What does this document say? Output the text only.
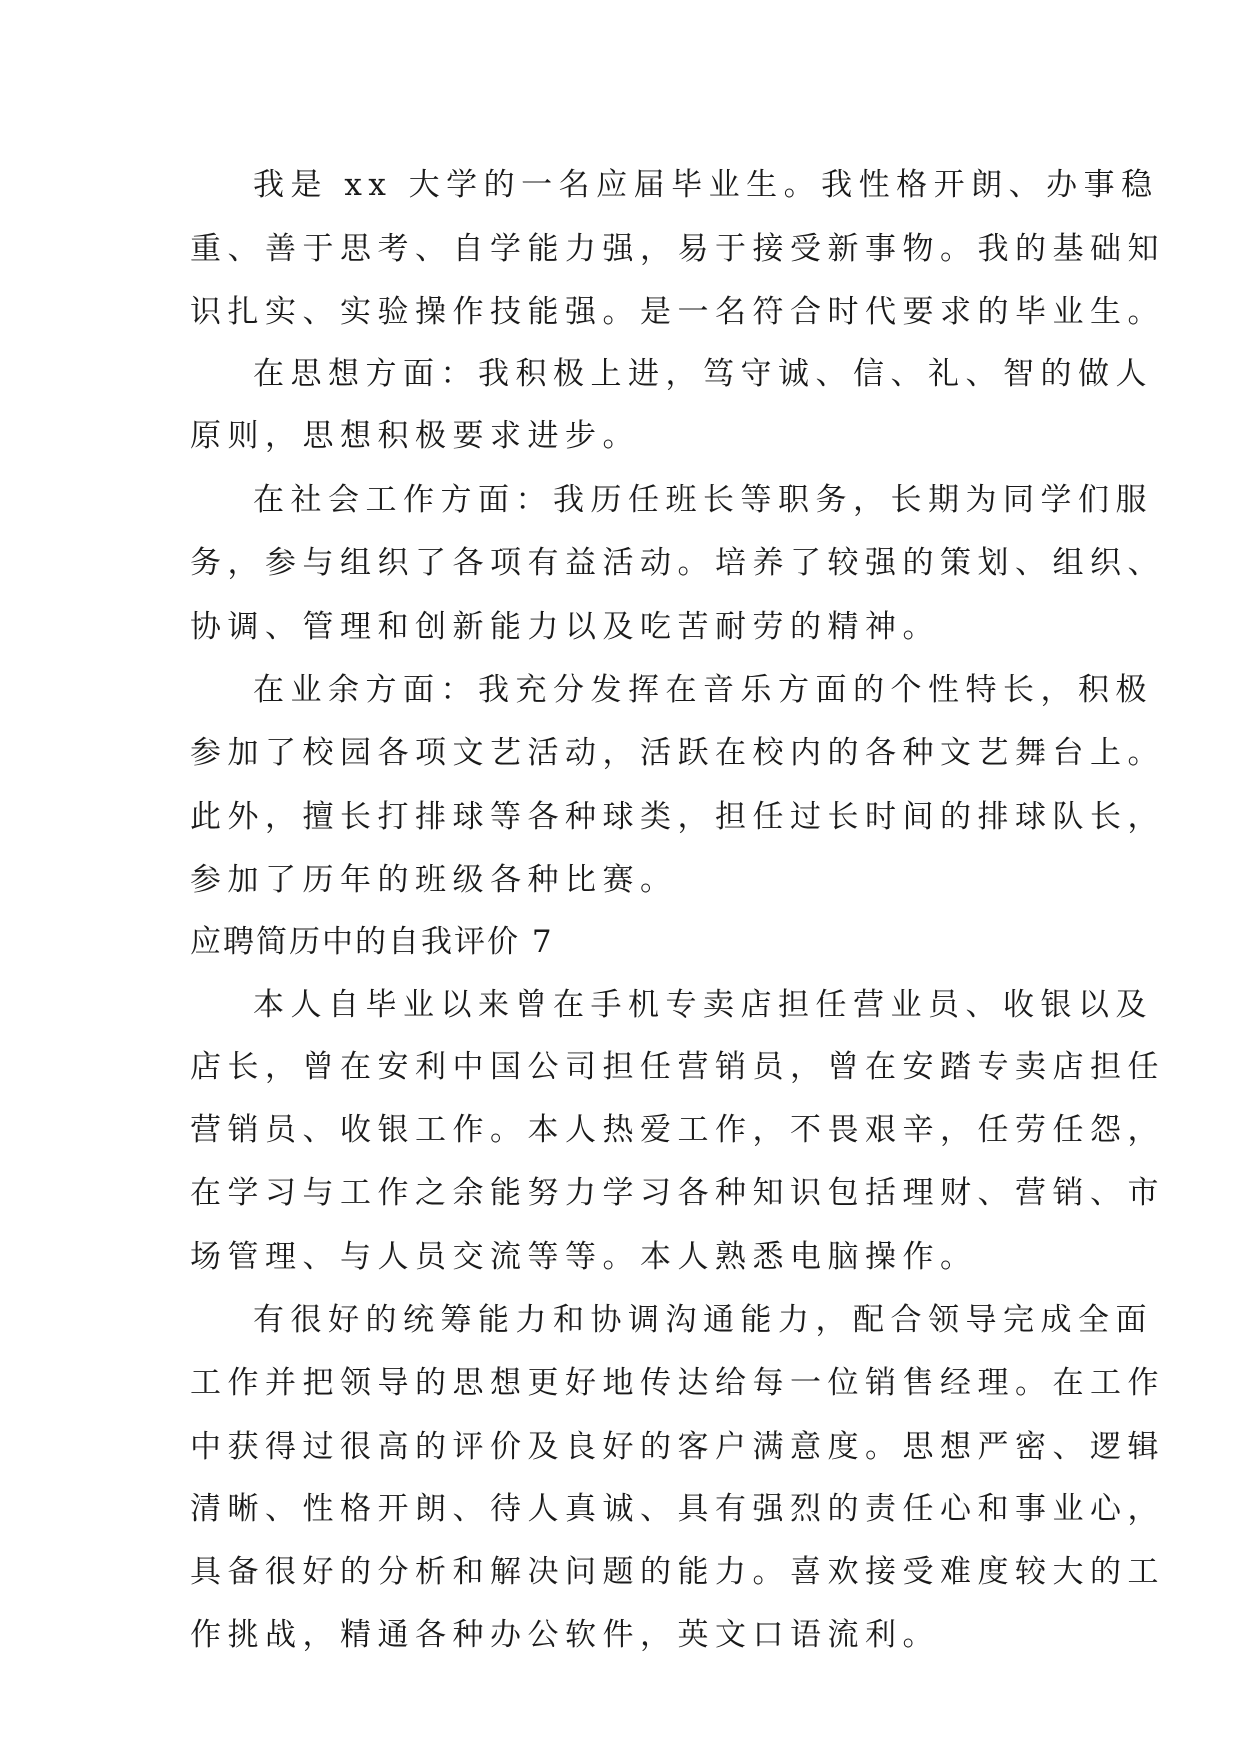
我是 xx 大学的一名应届毕业生。我性格开朗、办事稳
重、善于思考、自学能力强，易于接受新事物。我的基础知
识扎实、实验操作技能强。是一名符合时代要求的毕业生。
在思想方面：我积极上进，笃守诚、信、礼、智的做人
原则，思想积极要求进步。
在社会工作方面：我历任班长等职务，长期为同学们服
务，参与组织了各项有益活动。培养了较强的策划、组织、
协调、管理和创新能力以及吃苦耐劳的精神。
在业余方面：我充分发挥在音乐方面的个性特长，积极
参加了校园各项文艺活动，活跃在校内的各种文艺舞台上。
此外，擅长打排球等各种球类，担任过长时间的排球队长，
参加了历年的班级各种比赛。
应聘简历中的自我评价 7
本人自毕业以来曾在手机专卖店担任营业员、收银以及
店长，曾在安利中国公司担任营销员，曾在安踏专卖店担任
营销员、收银工作。本人热爱工作，不畏艰辛，任劳任怨，
在学习与工作之余能努力学习各种知识包括理财、营销、市
场管理、与人员交流等等。本人熟悉电脑操作。
有很好的统筹能力和协调沟通能力，配合领导完成全面
工作并把领导的思想更好地传达给每一位销售经理。在工作
中获得过很高的评价及良好的客户满意度。思想严密、逻辑
清晰、性格开朗、待人真诚、具有强烈的责任心和事业心，
具备很好的分析和解决问题的能力。喜欢接受难度较大的工
作挑战，精通各种办公软件，英文口语流利。
